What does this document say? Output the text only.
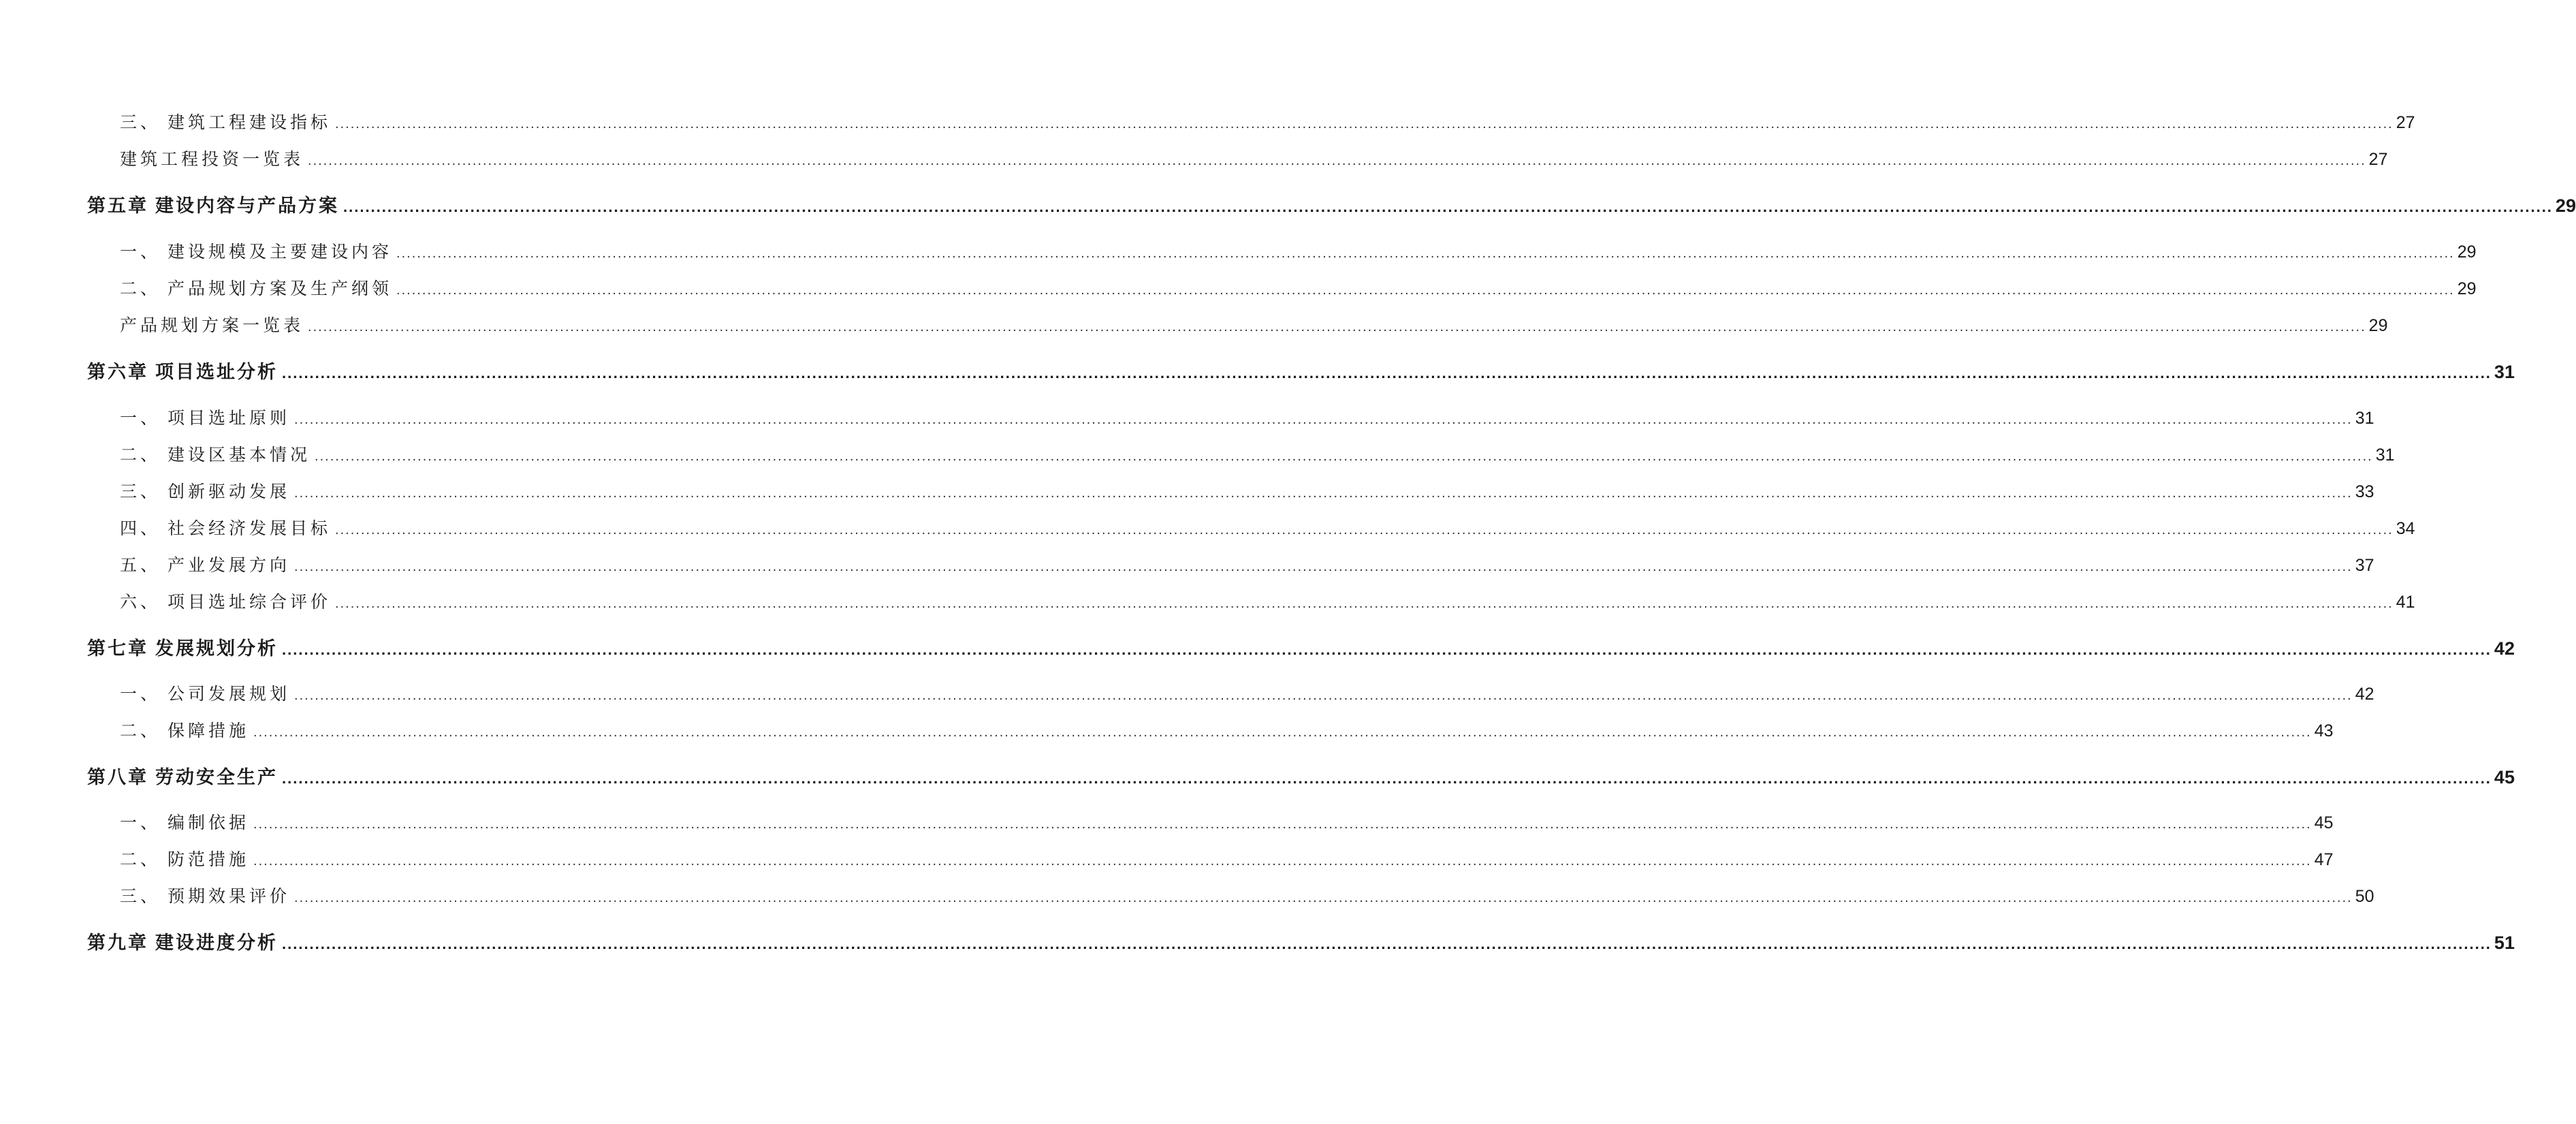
三、 建筑工程建设指标 ................................................................................................................................................................................................................................................................................................................................................................................................................ 27
建筑工程投资一览表 ................................................................................................................................................................................................................................................................................................................................................................................................................ 27
第五章 建设内容与产品方案 ................................................................................................................................................................................................................................................................................................................................................................................................................ 29
一、 建设规模及主要建设内容 ................................................................................................................................................................................................................................................................................................................................................................................................................ 29
二、 产品规划方案及生产纲领 ................................................................................................................................................................................................................................................................................................................................................................................................................ 29
产品规划方案一览表 ................................................................................................................................................................................................................................................................................................................................................................................................................ 29
第六章 项目选址分析 ................................................................................................................................................................................................................................................................................................................................................................................................................ 31
一、 项目选址原则 ................................................................................................................................................................................................................................................................................................................................................................................................................ 31
二、 建设区基本情况 ................................................................................................................................................................................................................................................................................................................................................................................................................ 31
三、 创新驱动发展 ................................................................................................................................................................................................................................................................................................................................................................................................................ 33
四、 社会经济发展目标 ................................................................................................................................................................................................................................................................................................................................................................................................................ 34
五、 产业发展方向 ................................................................................................................................................................................................................................................................................................................................................................................................................ 37
六、 项目选址综合评价 ................................................................................................................................................................................................................................................................................................................................................................................................................ 41
第七章 发展规划分析 ................................................................................................................................................................................................................................................................................................................................................................................................................ 42
一、 公司发展规划 ................................................................................................................................................................................................................................................................................................................................................................................................................ 42
二、 保障措施 ................................................................................................................................................................................................................................................................................................................................................................................................................ 43
第八章 劳动安全生产 ................................................................................................................................................................................................................................................................................................................................................................................................................ 45
一、 编制依据 ................................................................................................................................................................................................................................................................................................................................................................................................................ 45
二、 防范措施 ................................................................................................................................................................................................................................................................................................................................................................................................................ 47
三、 预期效果评价 ................................................................................................................................................................................................................................................................................................................................................................................................................ 50
第九章 建设进度分析 ................................................................................................................................................................................................................................................................................................................................................................................................................ 51
